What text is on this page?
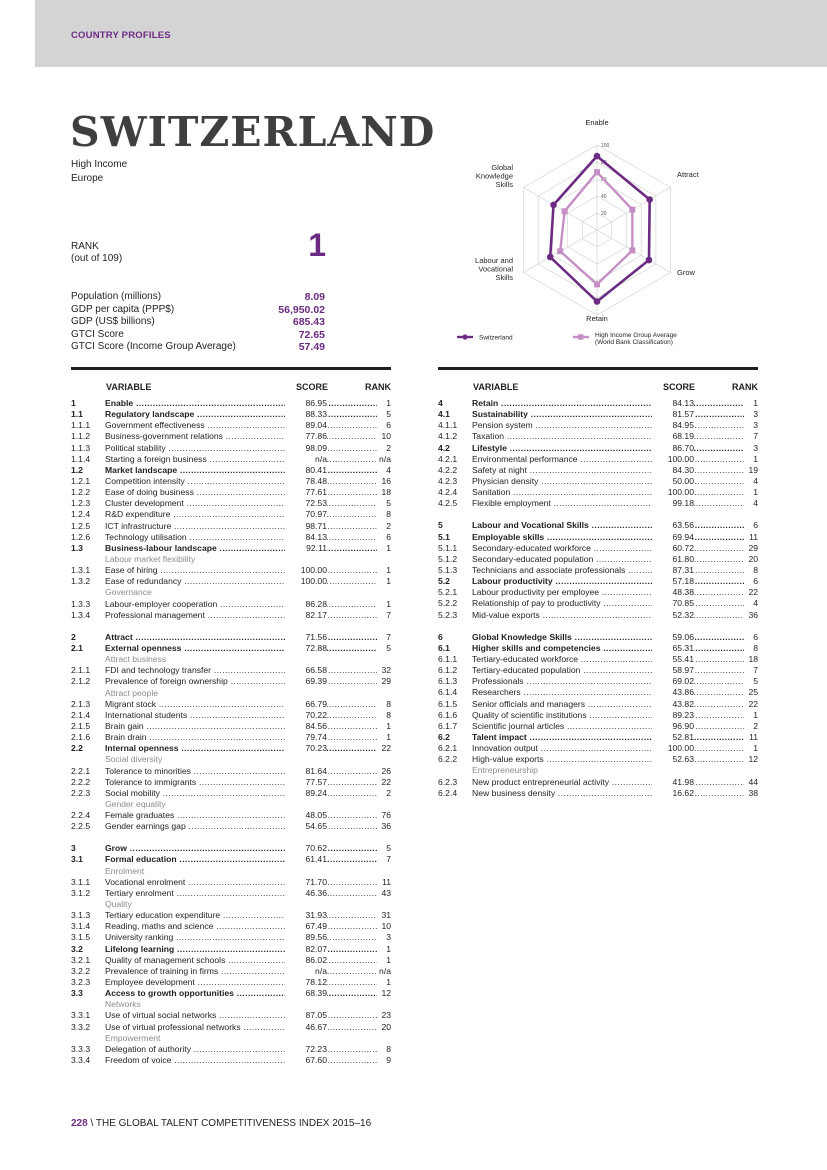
COUNTRY PROFILES
SWITZERLAND
High Income
Europe
RANK
(out of 109)	1
Population (millions)	8.09
GDP per capita (PPP$)	56,950.02
GDP (US$ billions)	685.43
GTCI Score	72.65
GTCI Score (Income Group Average)	57.49
100
80
60
40
20
Enable
Attract
Grow
Retain
Labour and
Vocational
Skills
Global
Knowledge
Skills
Switzerland	High Income Group Average
(World Bank Classification)
VARIABLE	SCORE	RANK
1	Enable .....	86.95	1
1.1	Regulatory landscape .....	88.33	5
1.1.1 Government effectiveness .....	89.04	6
1.1.2 Business-government relations .....	77.86	10
1.1.3 Political stability .....	98.09	2
1.1.4 Starting a foreign business .....	n/a	n/a
1.2	Market landscape .....	80.41	4
1.2.1 Competition intensity .....	78.48	16
1.2.2 Ease of doing business .....	77.61	18
1.2.3 Cluster development .....	72.53	5
1.2.4 R&D expenditure .....	70.97	8
1.2.5 ICT infrastructure .....	98.71	2
1.2.6 Technology utilisation .....	84.13	6
1.3	Business-labour landscape .....	92.11	1
Labour market flexibility
1.3.1 Ease of hiring .....	100.00	1
1.3.2 Ease of redundancy .....	100.00	1
Governance
1.3.3 Labour-employer cooperation .....	86.28	1
1.3.4 Professional management .....	82.17	7
2	Attract .....	71.56	7
2.1	External openness .....	72.88	5
Attract business
2.1.1 FDI and technology transfer .....	66.58	32
2.1.2 Prevalence of foreign ownership .....	69.39	29
Attract people
2.1.3 Migrant stock .....	66.79	8
2.1.4 International students .....	70.22	8
2.1.5 Brain gain .....	84.56	1
2.1.6 Brain drain .....	79.74	1
2.2	Internal openness .....	70.23	22
Social diversity
2.2.1 Tolerance to minorities .....	81.64	26
2.2.2 Tolerance to immigrants .....	77.57	22
2.2.3 Social mobility .....	89.24	2
Gender equality
2.2.4 Female graduates .....	48.05	76
2.2.5 Gender earnings gap .....	54.65	36
3	Grow .....	70.62	5
3.1	Formal education .....	61.41	7
Enrolment
3.1.1 Vocational enrolment .....	71.70	11
3.1.2 Tertiary enrolment .....	46.36	43
Quality
3.1.3 Tertiary education expenditure .....	31.93	31
3.1.4 Reading, maths and science .....	67.49	10
3.1.5 University ranking .....	89.56	3
3.2	Lifelong learning .....	82.07	1
3.2.1 Quality of management schools .....	86.02	1
3.2.2 Prevalence of training in firms .....	n/a	n/a
3.2.3 Employee development .....	78.12	1
3.3	Access to growth opportunities .....	68.39	12
Networks
3.3.1 Use of virtual social networks .....	87.05	23
3.3.2 Use of virtual professional networks .....	46.67	20
Empowerment
3.3.3 Delegation of authority .....	72.23	8
3.3.4 Freedom of voice .....	67.60	9
VARIABLE	SCORE	RANK
4	Retain .....	84.13	1
4.1	Sustainability .....	81.57	3
4.1.1 Pension system .....	84.95	3
4.1.2 Taxation .....	68.19	7
4.2	Lifestyle .....	86.70	3
4.2.1 Environmental performance .....	100.00	1
4.2.2 Safety at night .....	84.30	19
4.2.3 Physician density .....	50.00	4
4.2.4 Sanitation .....	100.00	1
4.2.5 Flexible employment .....	99.18	4
5	Labour and Vocational Skills .....	63.56	6
5.1	Employable skills .....	69.94	11
5.1.1 Secondary-educated workforce .....	60.72	29
5.1.2 Secondary-educated population .....	61.80	20
5.1.3 Technicians and associate professionals .....	87.31	8
5.2	Labour productivity .....	57.18	6
5.2.1 Labour productivity per employee .....	48.38	22
5.2.2 Relationship of pay to productivity .....	70.85	4
5.2.3 Mid-value exports .....	52.32	36
6	Global Knowledge Skills .....	59.06	6
6.1	Higher skills and competencies .....	65.31	8
6.1.1 Tertiary-educated workforce .....	55.41	18
6.1.2 Tertiary-educated population .....	58.97	7
6.1.3 Professionals .....	69.02	5
6.1.4 Researchers .....	43.86	25
6.1.5 Senior officials and managers .....	43.82	22
6.1.6 Quality of scientific institutions .....	89.23	1
6.1.7 Scientific journal articles .....	96.90	2
6.2	Talent impact .....	52.81	11
6.2.1 Innovation output .....	100.00	1
6.2.2 High-value exports .....	52.63	12
Entrepreneurship
6.2.3 New product entrepreneurial activity .....	41.98	44
6.2.4 New business density .....	16.62	38
228 \ THE GLOBAL TALENT COMPETITIVENESS INDEX 2015–16
